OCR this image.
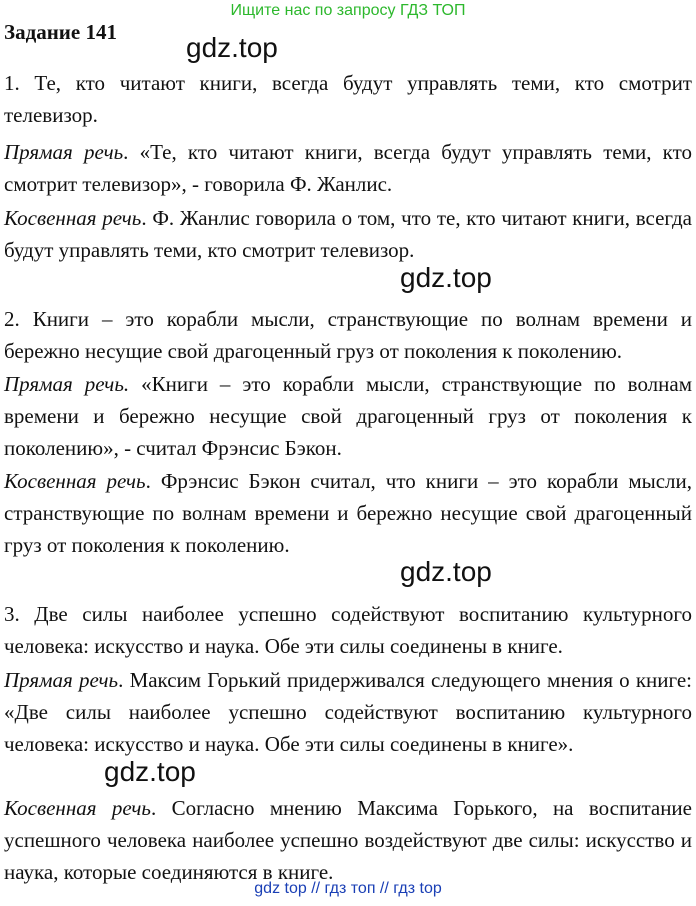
Ищите нас по запросу ГДЗ ТОП
Задание 141 gdz.top
gdz.top
gdz.top
gdz.top
1. Те, кто читают книги, всегда будут управлять теми, кто смотрит телевизор.
Прямая речь. «Те, кто читают книги, всегда будут управлять теми, кто смотрит телевизор», - говорила Ф. Жанлис.
Косвенная речь. Ф. Жанлис говорила о том, что те, кто читают книги, всегда будут управлять теми, кто смотрит телевизор.
2. Книги – это корабли мысли, странствующие по волнам времени и бережно несущие свой драгоценный груз от поколения к поколению.
Прямая речь. «Книги – это корабли мысли, странствующие по волнам времени и бережно несущие свой драгоценный груз от поколения к поколению», - считал Фрэнсис Бэкон.
Косвенная речь. Фрэнсис Бэкон считал, что книги – это корабли мысли, странствующие по волнам времени и бережно несущие свой драгоценный груз от поколения к поколению.
3. Две силы наиболее успешно содействуют воспитанию культурного человека: искусство и наука. Обе эти силы соединены в книге.
Прямая речь. Максим Горький придерживался следующего мнения о книге: «Две силы наиболее успешно содействуют воспитанию культурного человека: искусство и наука. Обе эти силы соединены в книге».
Косвенная речь. Согласно мнению Максима Горького, на воспитание успешного человека наиболее успешно воздействуют две силы: искусство и наука, которые соединяются в книге.
gdz top // гдз топ // гдз top
